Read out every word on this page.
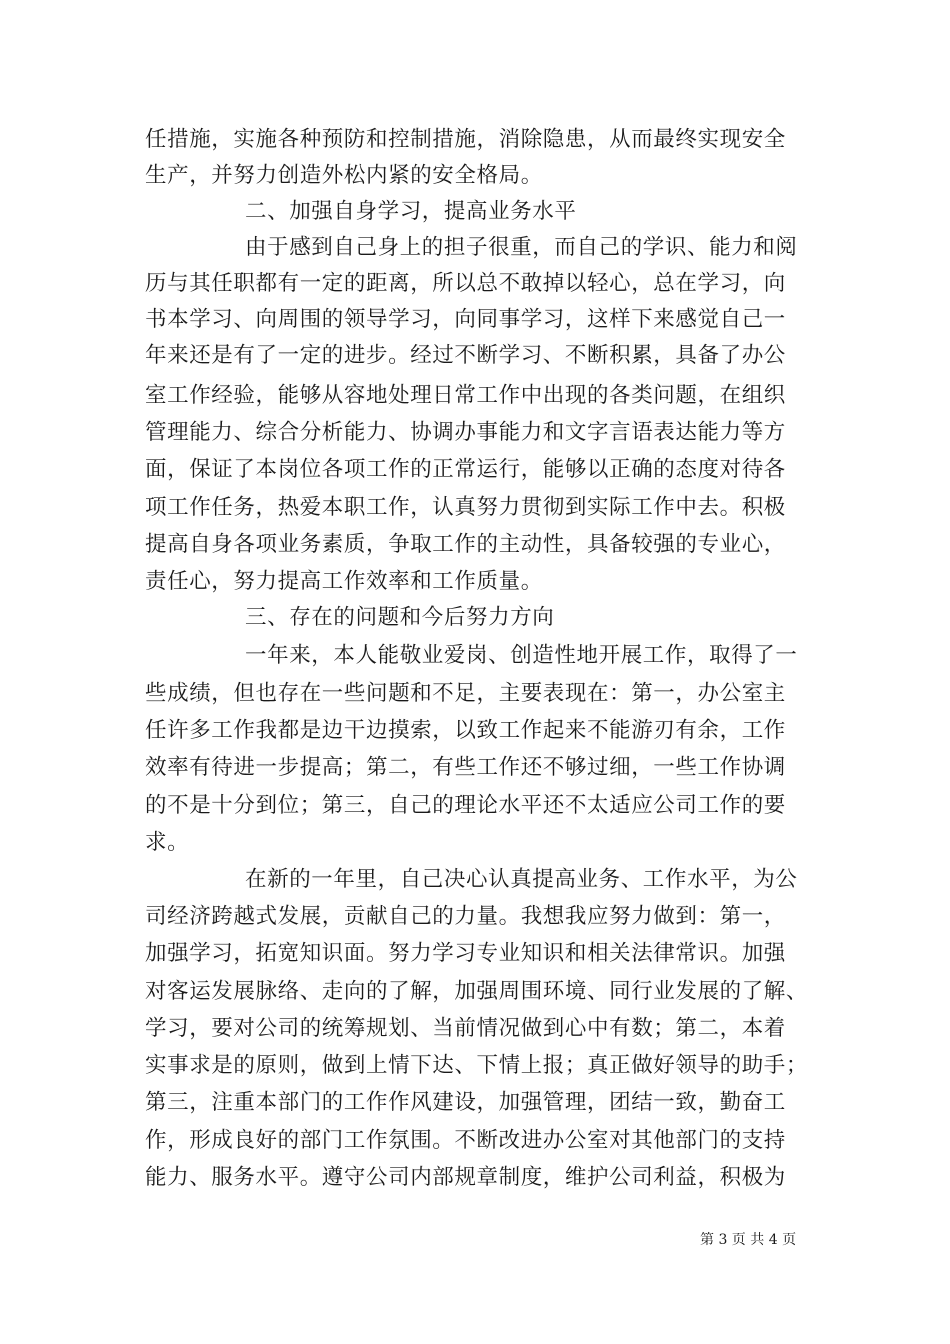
任措施，实施各种预防和控制措施，消除隐患，从而最终实现安全
生产，并努力创造外松内紧的安全格局。
二、加强自身学习，提高业务水平
由于感到自己身上的担子很重，而自己的学识、能力和阅
历与其任职都有一定的距离，所以总不敢掉以轻心，总在学习，向
书本学习、向周围的领导学习，向同事学习，这样下来感觉自己一
年来还是有了一定的进步。经过不断学习、不断积累，具备了办公
室工作经验，能够从容地处理日常工作中出现的各类问题，在组织
管理能力、综合分析能力、协调办事能力和文字言语表达能力等方
面，保证了本岗位各项工作的正常运行，能够以正确的态度对待各
项工作任务，热爱本职工作，认真努力贯彻到实际工作中去。积极
提高自身各项业务素质，争取工作的主动性，具备较强的专业心，
责任心，努力提高工作效率和工作质量。
三、存在的问题和今后努力方向
一年来，本人能敬业爱岗、创造性地开展工作，取得了一
些成绩，但也存在一些问题和不足，主要表现在：第一，办公室主
任许多工作我都是边干边摸索，以致工作起来不能游刃有余，工作
效率有待进一步提高；第二，有些工作还不够过细，一些工作协调
的不是十分到位；第三，自己的理论水平还不太适应公司工作的要
求。
在新的一年里，自己决心认真提高业务、工作水平，为公
司经济跨越式发展，贡献自己的力量。我想我应努力做到：第一，
加强学习，拓宽知识面。努力学习专业知识和相关法律常识。加强
对客运发展脉络、走向的了解，加强周围环境、同行业发展的了解、
学习，要对公司的统筹规划、当前情况做到心中有数；第二，本着
实事求是的原则，做到上情下达、下情上报；真正做好领导的助手；
第三，注重本部门的工作作风建设，加强管理，团结一致，勤奋工
作，形成良好的部门工作氛围。不断改进办公室对其他部门的支持
能力、服务水平。遵守公司内部规章制度，维护公司利益，积极为
第 3 页 共 4 页
